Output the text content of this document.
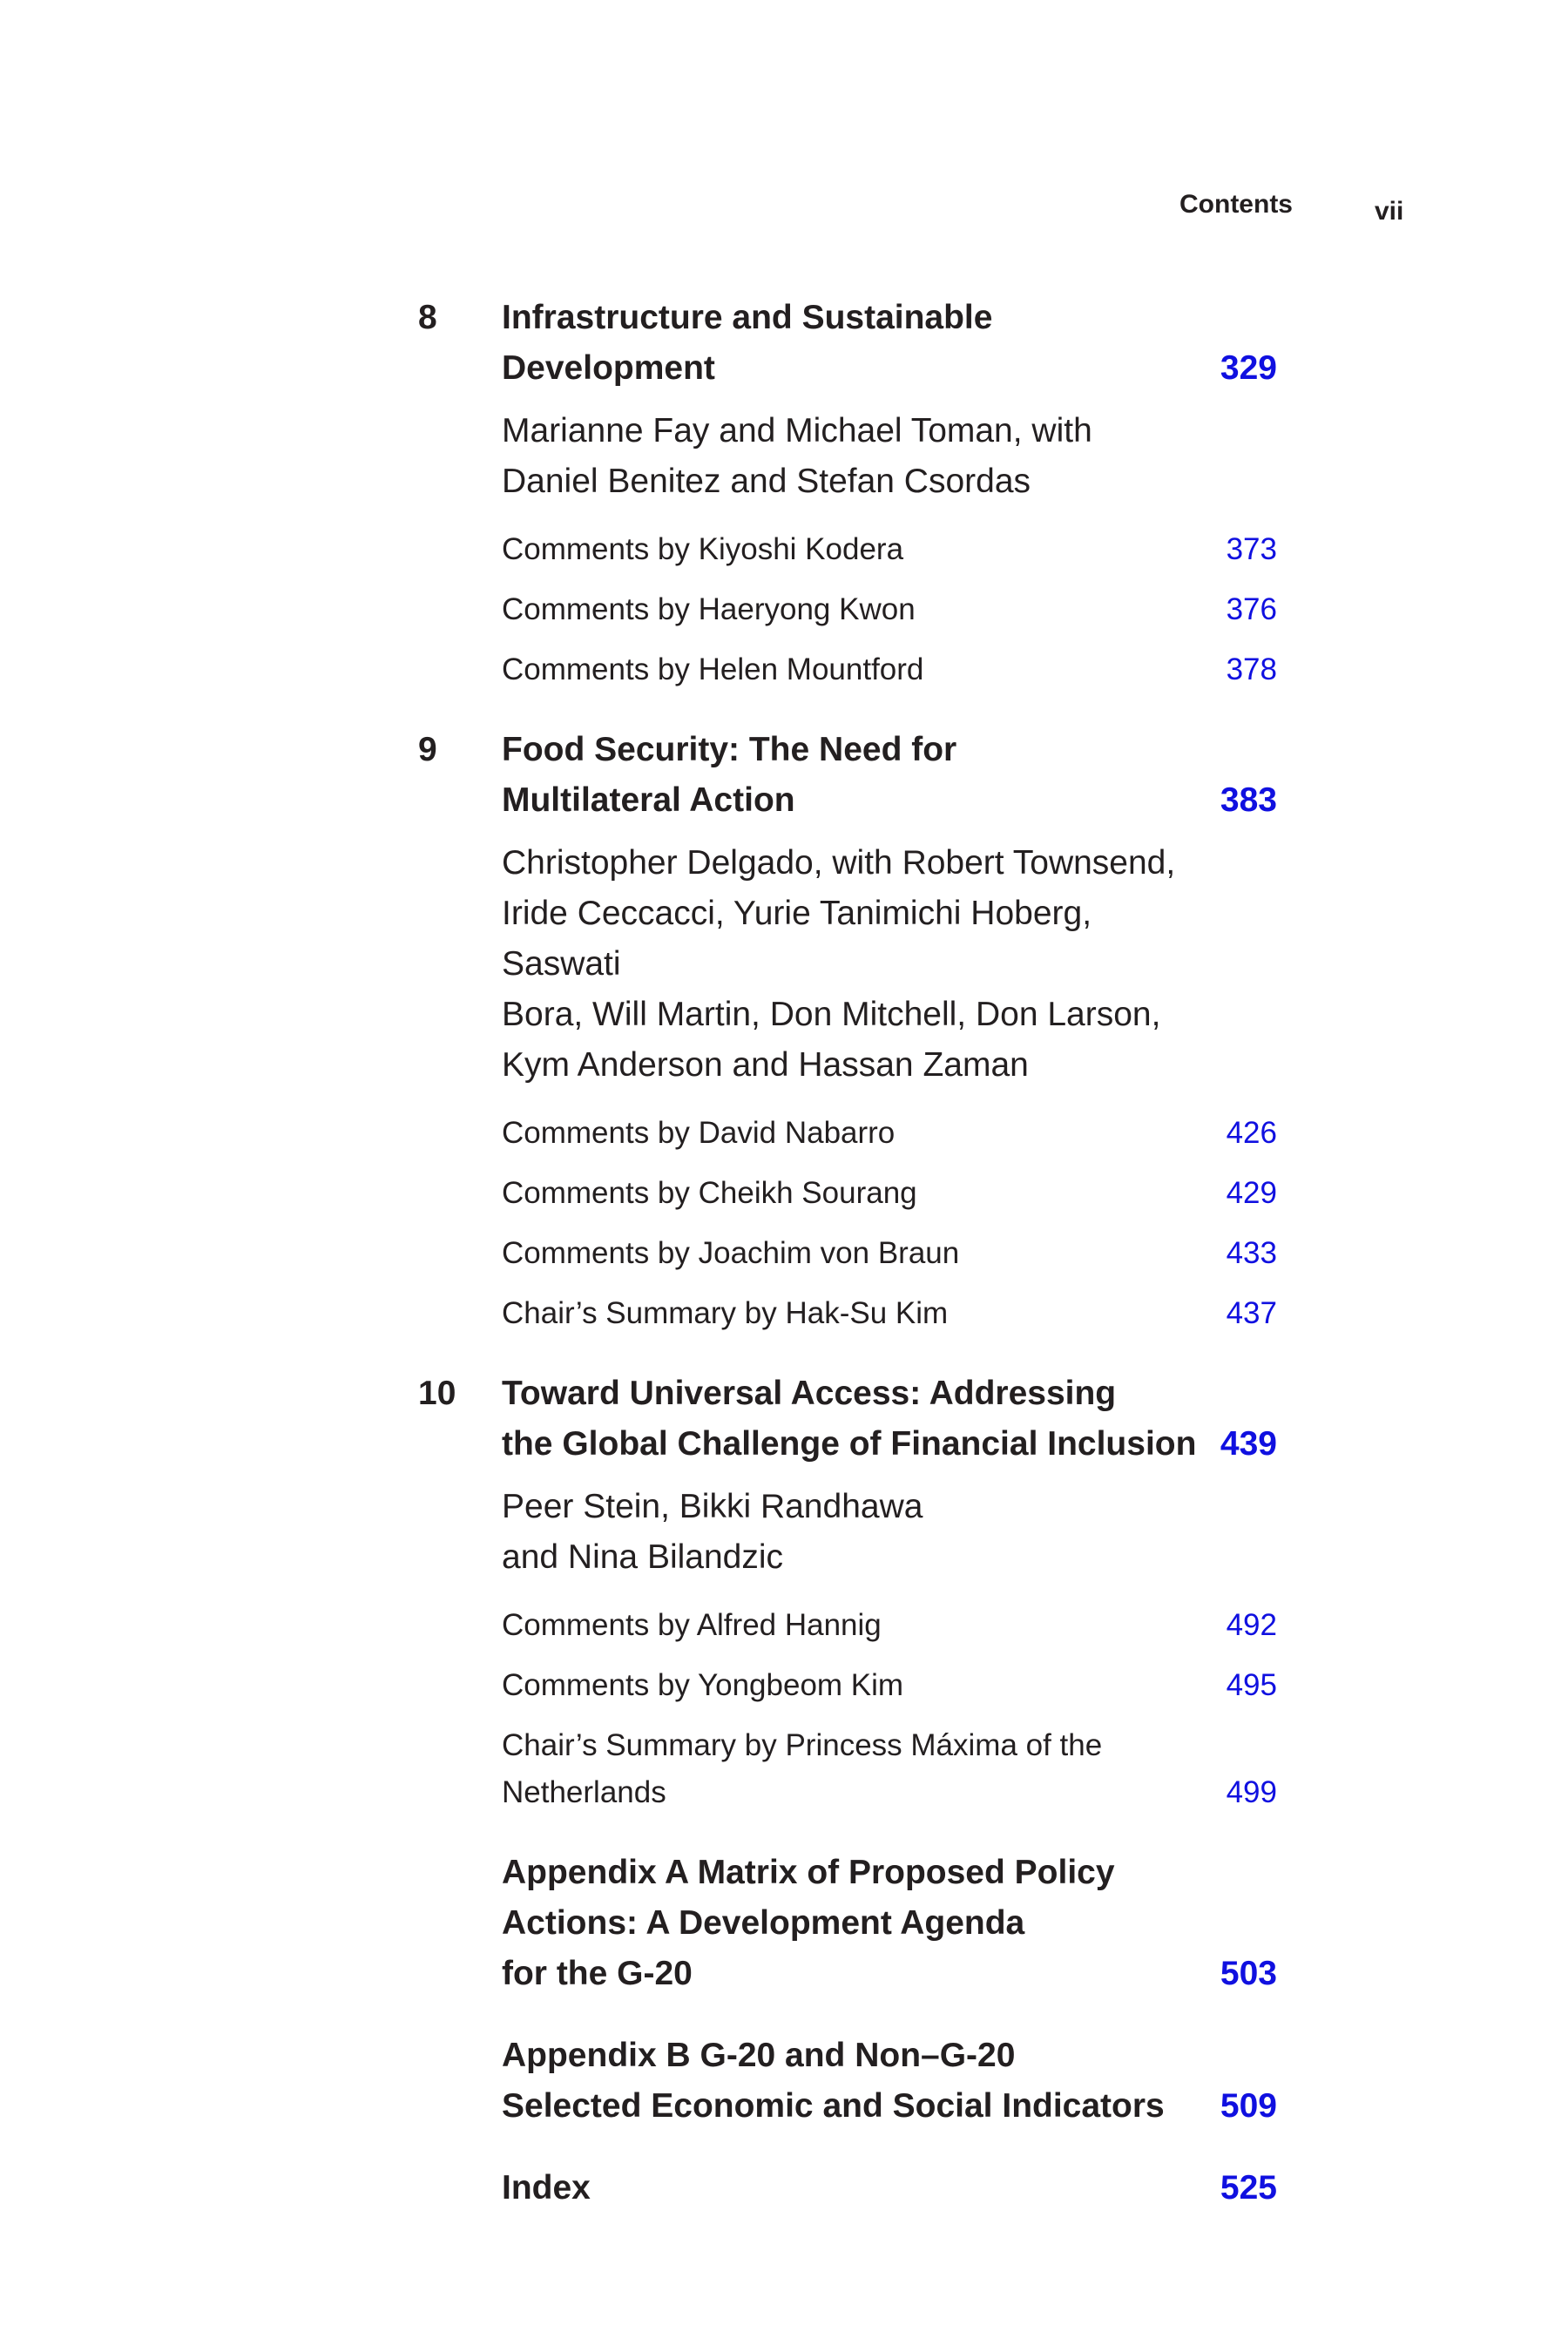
Contents	vii
8	Infrastructure and Sustainable
Development	329
Marianne Fay and Michael Toman, with
Daniel Benitez and Stefan Csordas
Comments by Kiyoshi Kodera	373
Comments by Haeryong Kwon	376
Comments by Helen Mountford	378
9	Food Security: The Need for
Multilateral Action	383
Christopher Delgado, with Robert Townsend,
Iride Ceccacci, Yurie Tanimichi Hoberg, Saswati
Bora, Will Martin, Don Mitchell, Don Larson,
Kym Anderson and Hassan Zaman
Comments by David Nabarro	426
Comments by Cheikh Sourang	429
Comments by Joachim von Braun	433
Chair’s Summary by Hak-Su Kim	437
10	Toward Universal Access: Addressing
the Global Challenge of Financial Inclusion 439
Peer Stein, Bikki Randhawa
and Nina Bilandzic
Comments by Alfred Hannig	492
Comments by Yongbeom Kim	495
Chair’s Summary by Princess Máxima of the
Netherlands	499
Appendix A Matrix of Proposed Policy
Actions: A Development Agenda
for the G-20	503
Appendix B G-20 and Non–G-20
Selected Economic and Social Indicators	509
Index	525
